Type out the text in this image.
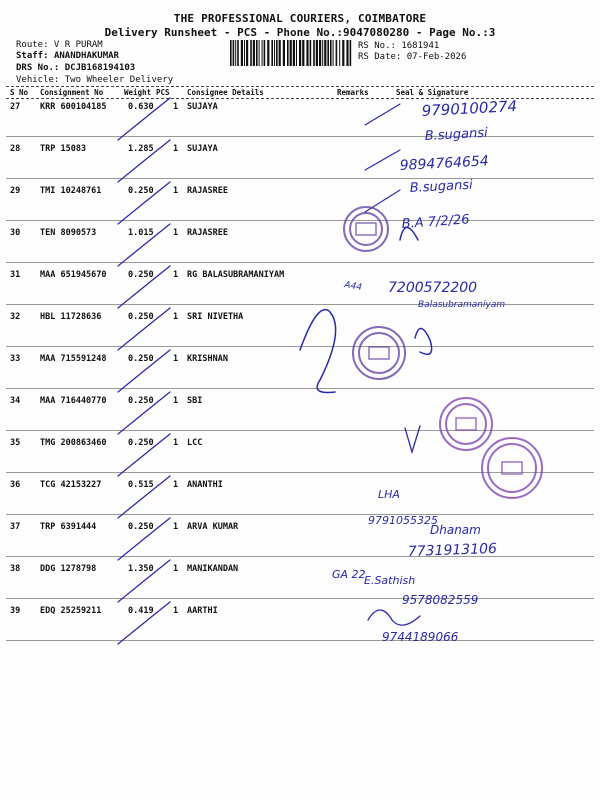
THE PROFESSIONAL COURIERS, COIMBATORE
Delivery Runsheet - PCS - Phone No.:9047080280 - Page No.:3
Route: V R PURAM
Staff: ANANDHAKUMAR
DRS No.: DCJB168194103
Vehicle: Two Wheeler Delivery
RS No.: 1681941
RS Date: 07-Feb-2026
S No Consignment No	Weight PCS Consignee Details	Remarks	Seal & Signature
27 KRR 600104185	0.630 1 SUJAYA
28 TRP 15083	1.285 1 SUJAYA
29 TMI 10248761	0.250 1 RAJASREE
30 TEN 8090573	1.015 1 RAJASREE
31 MAA 651945670	0.250 1 RG BALASUBRAMANIYAM
32 HBL 11728636	0.250 1 SRI NIVETHA
33 MAA 715591248	0.250 1 KRISHNAN
34 MAA 716440770	0.250 1 SBI
35 TMG 200863460	0.250 1 LCC
36 TCG 42153227	0.515 1 ANANTHI
37 TRP 6391444	0.250 1 ARVA KUMAR
38 DDG 1278798	1.350 1 MANIKANDAN
39 EDQ 25259211	0.419 1 AARTHI
9790100274
B.sugansi
9894764654
B.sugansi
B.A 7/2/26
A44 7200572200
Balasubramaniyam
LHA
9791055325
Dhanam
7731913106
E.Sathish
GA 22
9578082559
9744189066
